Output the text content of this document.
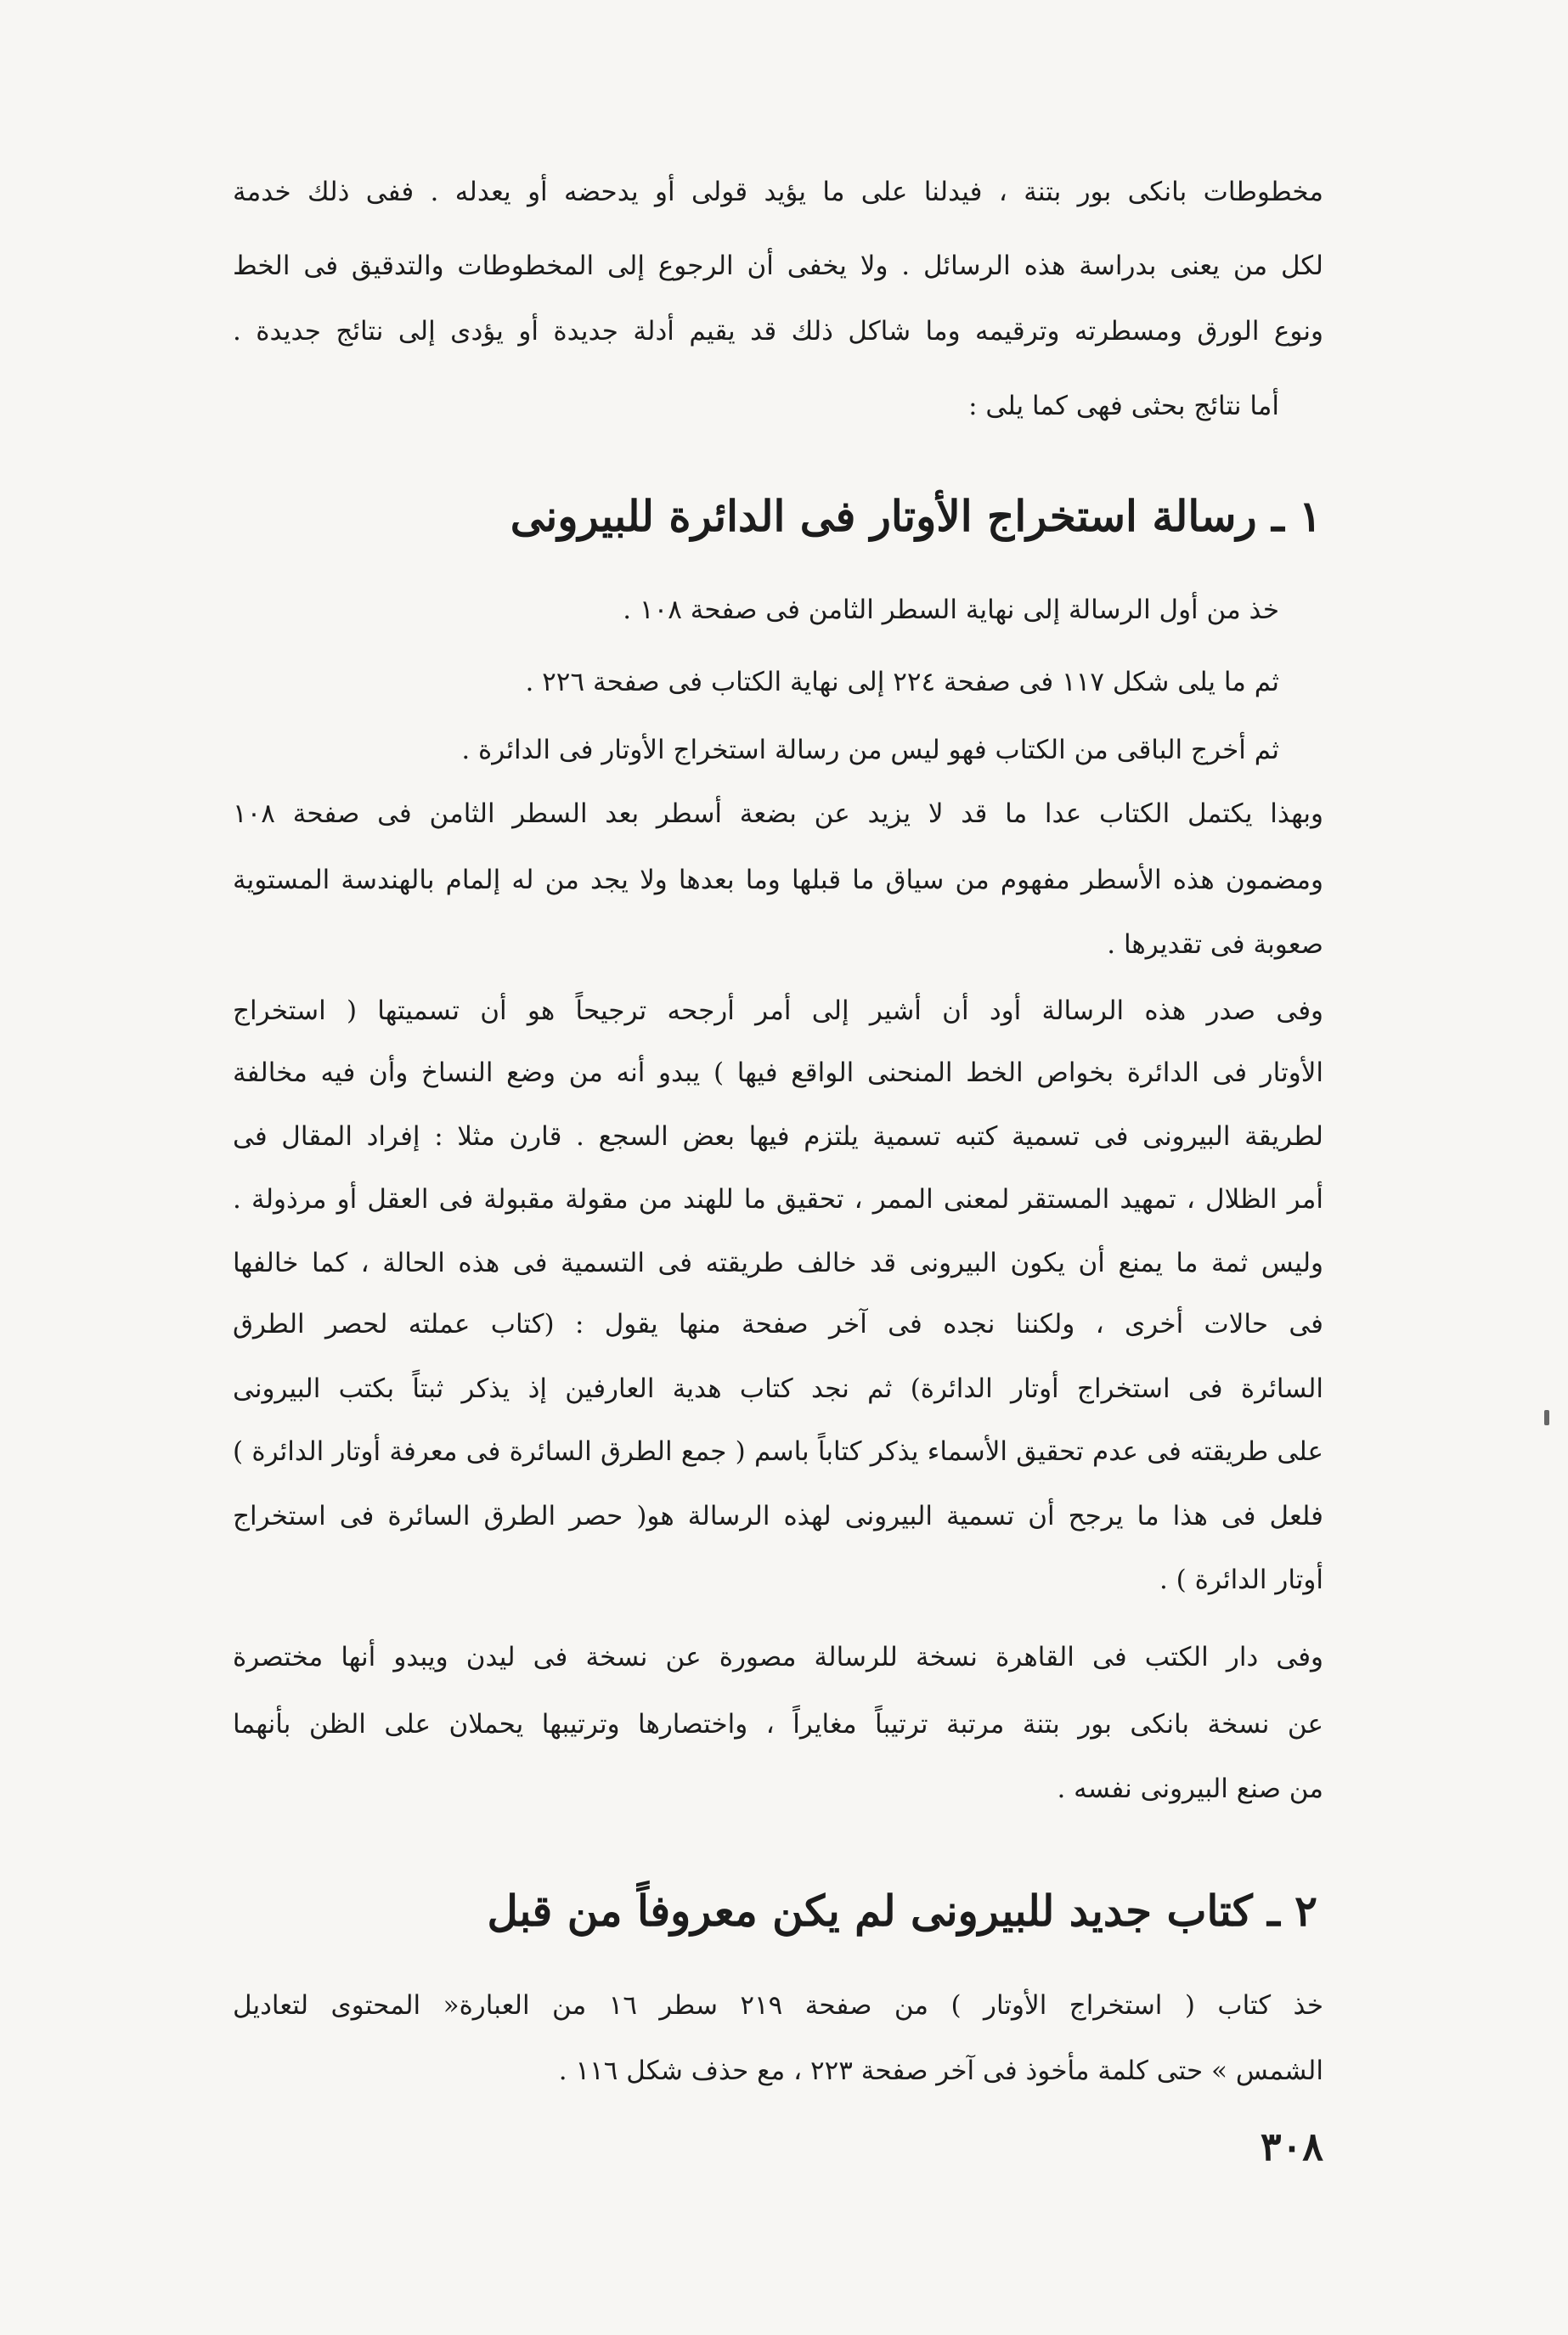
مخطوطات بانكى بور بتنة ، فيدلنا على ما يؤيد قولى أو يدحضه أو يعدله . ففى ذلك خدمة
لكل من يعنى بدراسة هذه الرسائل . ولا يخفى أن الرجوع إلى المخطوطات والتدقيق فى الخط
ونوع الورق ومسطرته وترقيمه وما شاكل ذلك قد يقيم أدلة جديدة أو يؤدى إلى نتائج جديدة .
أما نتائج بحثى فهى كما يلى :
١ ـ رسالة استخراج الأوتار فى الدائرة للبيرونى
خذ من أول الرسالة إلى نهاية السطر الثامن فى صفحة ١٠٨ .
ثم ما يلى شكل ١١٧ فى صفحة ٢٢٤ إلى نهاية الكتاب فى صفحة ٢٢٦ .
ثم أخرج الباقى من الكتاب فهو ليس من رسالة استخراج الأوتار فى الدائرة .
وبهذا يكتمل الكتاب عدا ما قد لا يزيد عن بضعة أسطر بعد السطر الثامن فى صفحة ١٠٨
ومضمون هذه الأسطر مفهوم من سياق ما قبلها وما بعدها ولا يجد من له إلمام بالهندسة المستوية
صعوبة فى تقديرها .
وفى صدر هذه الرسالة أود أن أشير إلى أمر أرجحه ترجيحاً هو أن تسميتها ( استخراج
الأوتار فى الدائرة بخواص الخط المنحنى الواقع فيها ) يبدو أنه من وضع النساخ وأن فيه مخالفة
لطريقة البيرونى فى تسمية كتبه تسمية يلتزم فيها بعض السجع . قارن مثلا : إفراد المقال فى
أمر الظلال ، تمهيد المستقر لمعنى الممر ، تحقيق ما للهند من مقولة مقبولة فى العقل أو مرذولة .
وليس ثمة ما يمنع أن يكون البيرونى قد خالف طريقته فى التسمية فى هذه الحالة ، كما خالفها
فى حالات أخرى ، ولكننا نجده فى آخر صفحة منها يقول : (كتاب عملته لحصر الطرق
السائرة فى استخراج أوتار الدائرة) ثم نجد كتاب هدية العارفين إذ يذكر ثبتاً بكتب البيرونى
على طريقته فى عدم تحقيق الأسماء يذكر كتاباً باسم ( جمع الطرق السائرة فى معرفة أوتار الدائرة )
فلعل فى هذا ما يرجح أن تسمية البيرونى لهذه الرسالة هو( حصر الطرق السائرة فى استخراج
أوتار الدائرة ) .
وفى دار الكتب فى القاهرة نسخة للرسالة مصورة عن نسخة فى ليدن ويبدو أنها مختصرة
عن نسخة بانكى بور بتنة مرتبة ترتيباً مغايراً ، واختصارها وترتيبها يحملان على الظن بأنهما
من صنع البيرونى نفسه .
٢ ـ كتاب جديد للبيرونى لم يكن معروفاً من قبل
خذ كتاب ( استخراج الأوتار ) من صفحة ٢١٩ سطر ١٦ من العبارة« المحتوى لتعاديل
الشمس » حتى كلمة مأخوذ فى آخر صفحة ٢٢٣ ، مع حذف شكل ١١٦ .
٣٠٨
